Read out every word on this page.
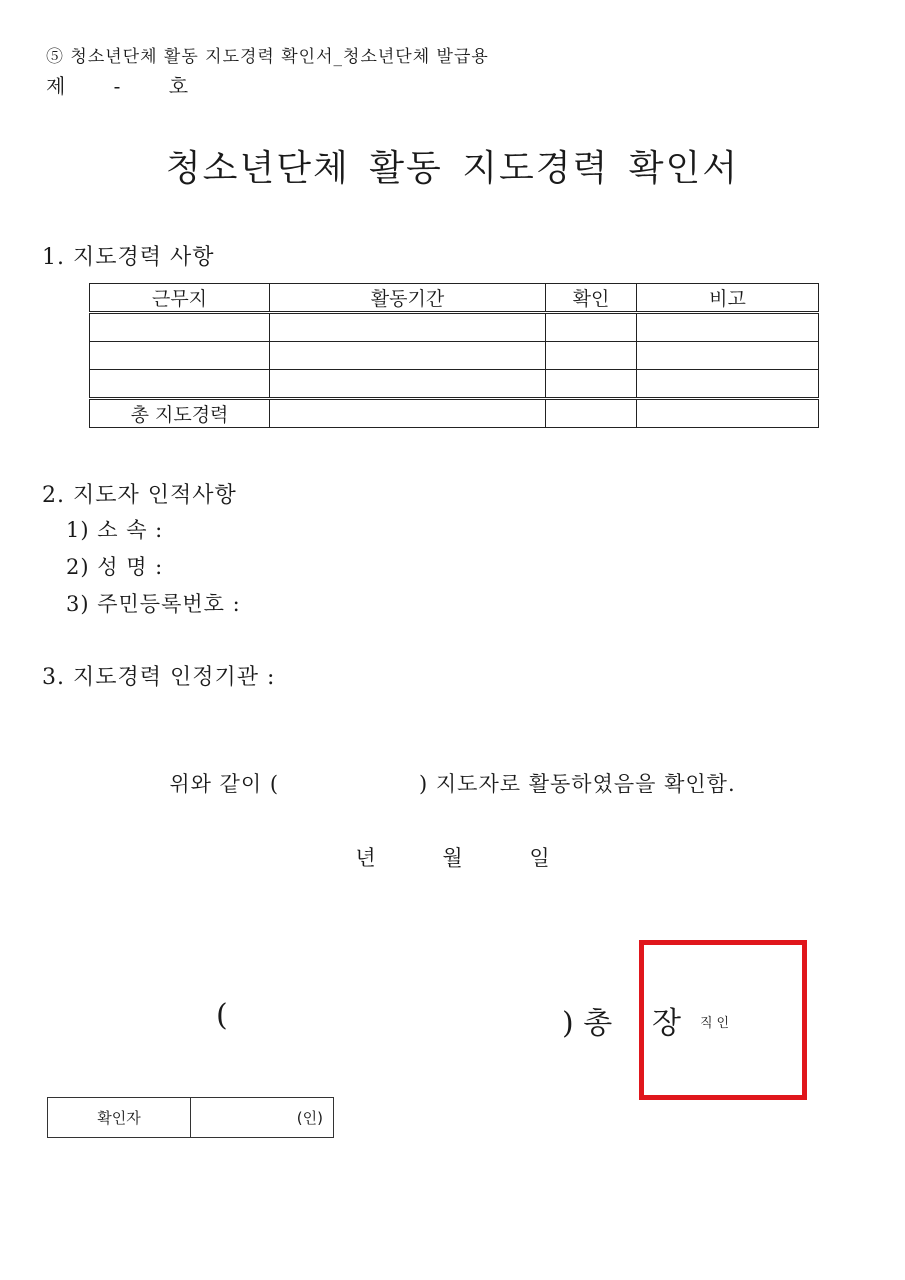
⑤ 청소년단체 활동 지도경력 확인서_청소년단체 발급용
제 - 호
청소년단체 활동 지도경력 확인서
1. 지도경력 사항
근무지	활동기간	확인	비고

총 지도경력			
2. 지도자 인적사항
1) 소 속 :
2) 성 명 :
3) 주민등록번호 :
3. 지도경력 인정기관 :
위와 같이 (	) 지도자로 활동하였음을 확인함.
년	월	일
(	) 총 장 직인
확인자	(인)
